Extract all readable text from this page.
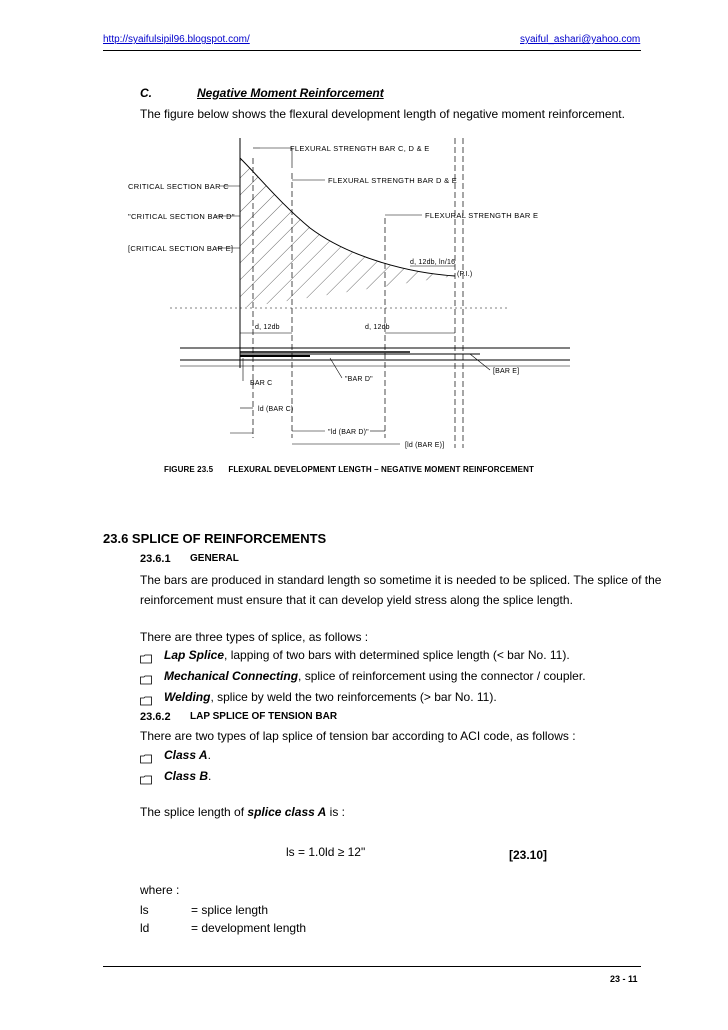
http://syaifulsipil96.blogspot.com/	syaiful_ashari@yahoo.com
C.	Negative Moment Reinforcement
The figure below shows the flexural development length of negative moment reinforcement.
FLEXURAL STRENGTH BAR C, D & E
FLEXURAL STRENGTH BAR D & E
FLEXURAL STRENGTH BAR E
CRITICAL SECTION BAR C
"CRITICAL SECTION BAR D"
[CRITICAL SECTION BAR E]
d, 12db, ln/16
(P.I.)
d, 12db	d, 12db
[BAR E]
BAR C
"BAR D"
ld (BAR C)
"ld (BAR D)"
[ld (BAR E)]
FIGURE 23.5 FLEXURAL DEVELOPMENT LENGTH – NEGATIVE MOMENT REINFORCEMENT
23.6 SPLICE OF REINFORCEMENTS
23.6.1 GENERAL
The bars are produced in standard length so sometime it is needed to be spliced. The splice of the
reinforcement must ensure that it can develop yield stress along the splice length.
There are three types of splice, as follows :
Lap Splice, lapping of two bars with determined splice length (< bar No. 11).
Mechanical Connecting, splice of reinforcement using the connector / coupler.
Welding, splice by weld the two reinforcements (> bar No. 11).
23.6.2 LAP SPLICE OF TENSION BAR
There are two types of lap splice of tension bar according to ACI code, as follows :
Class A.
Class B.
The splice length of splice class A is :
ls = 1.0ld ≥ 12"	[23.10]
where :
ls	= splice length
ld	= development length
23 - 11
